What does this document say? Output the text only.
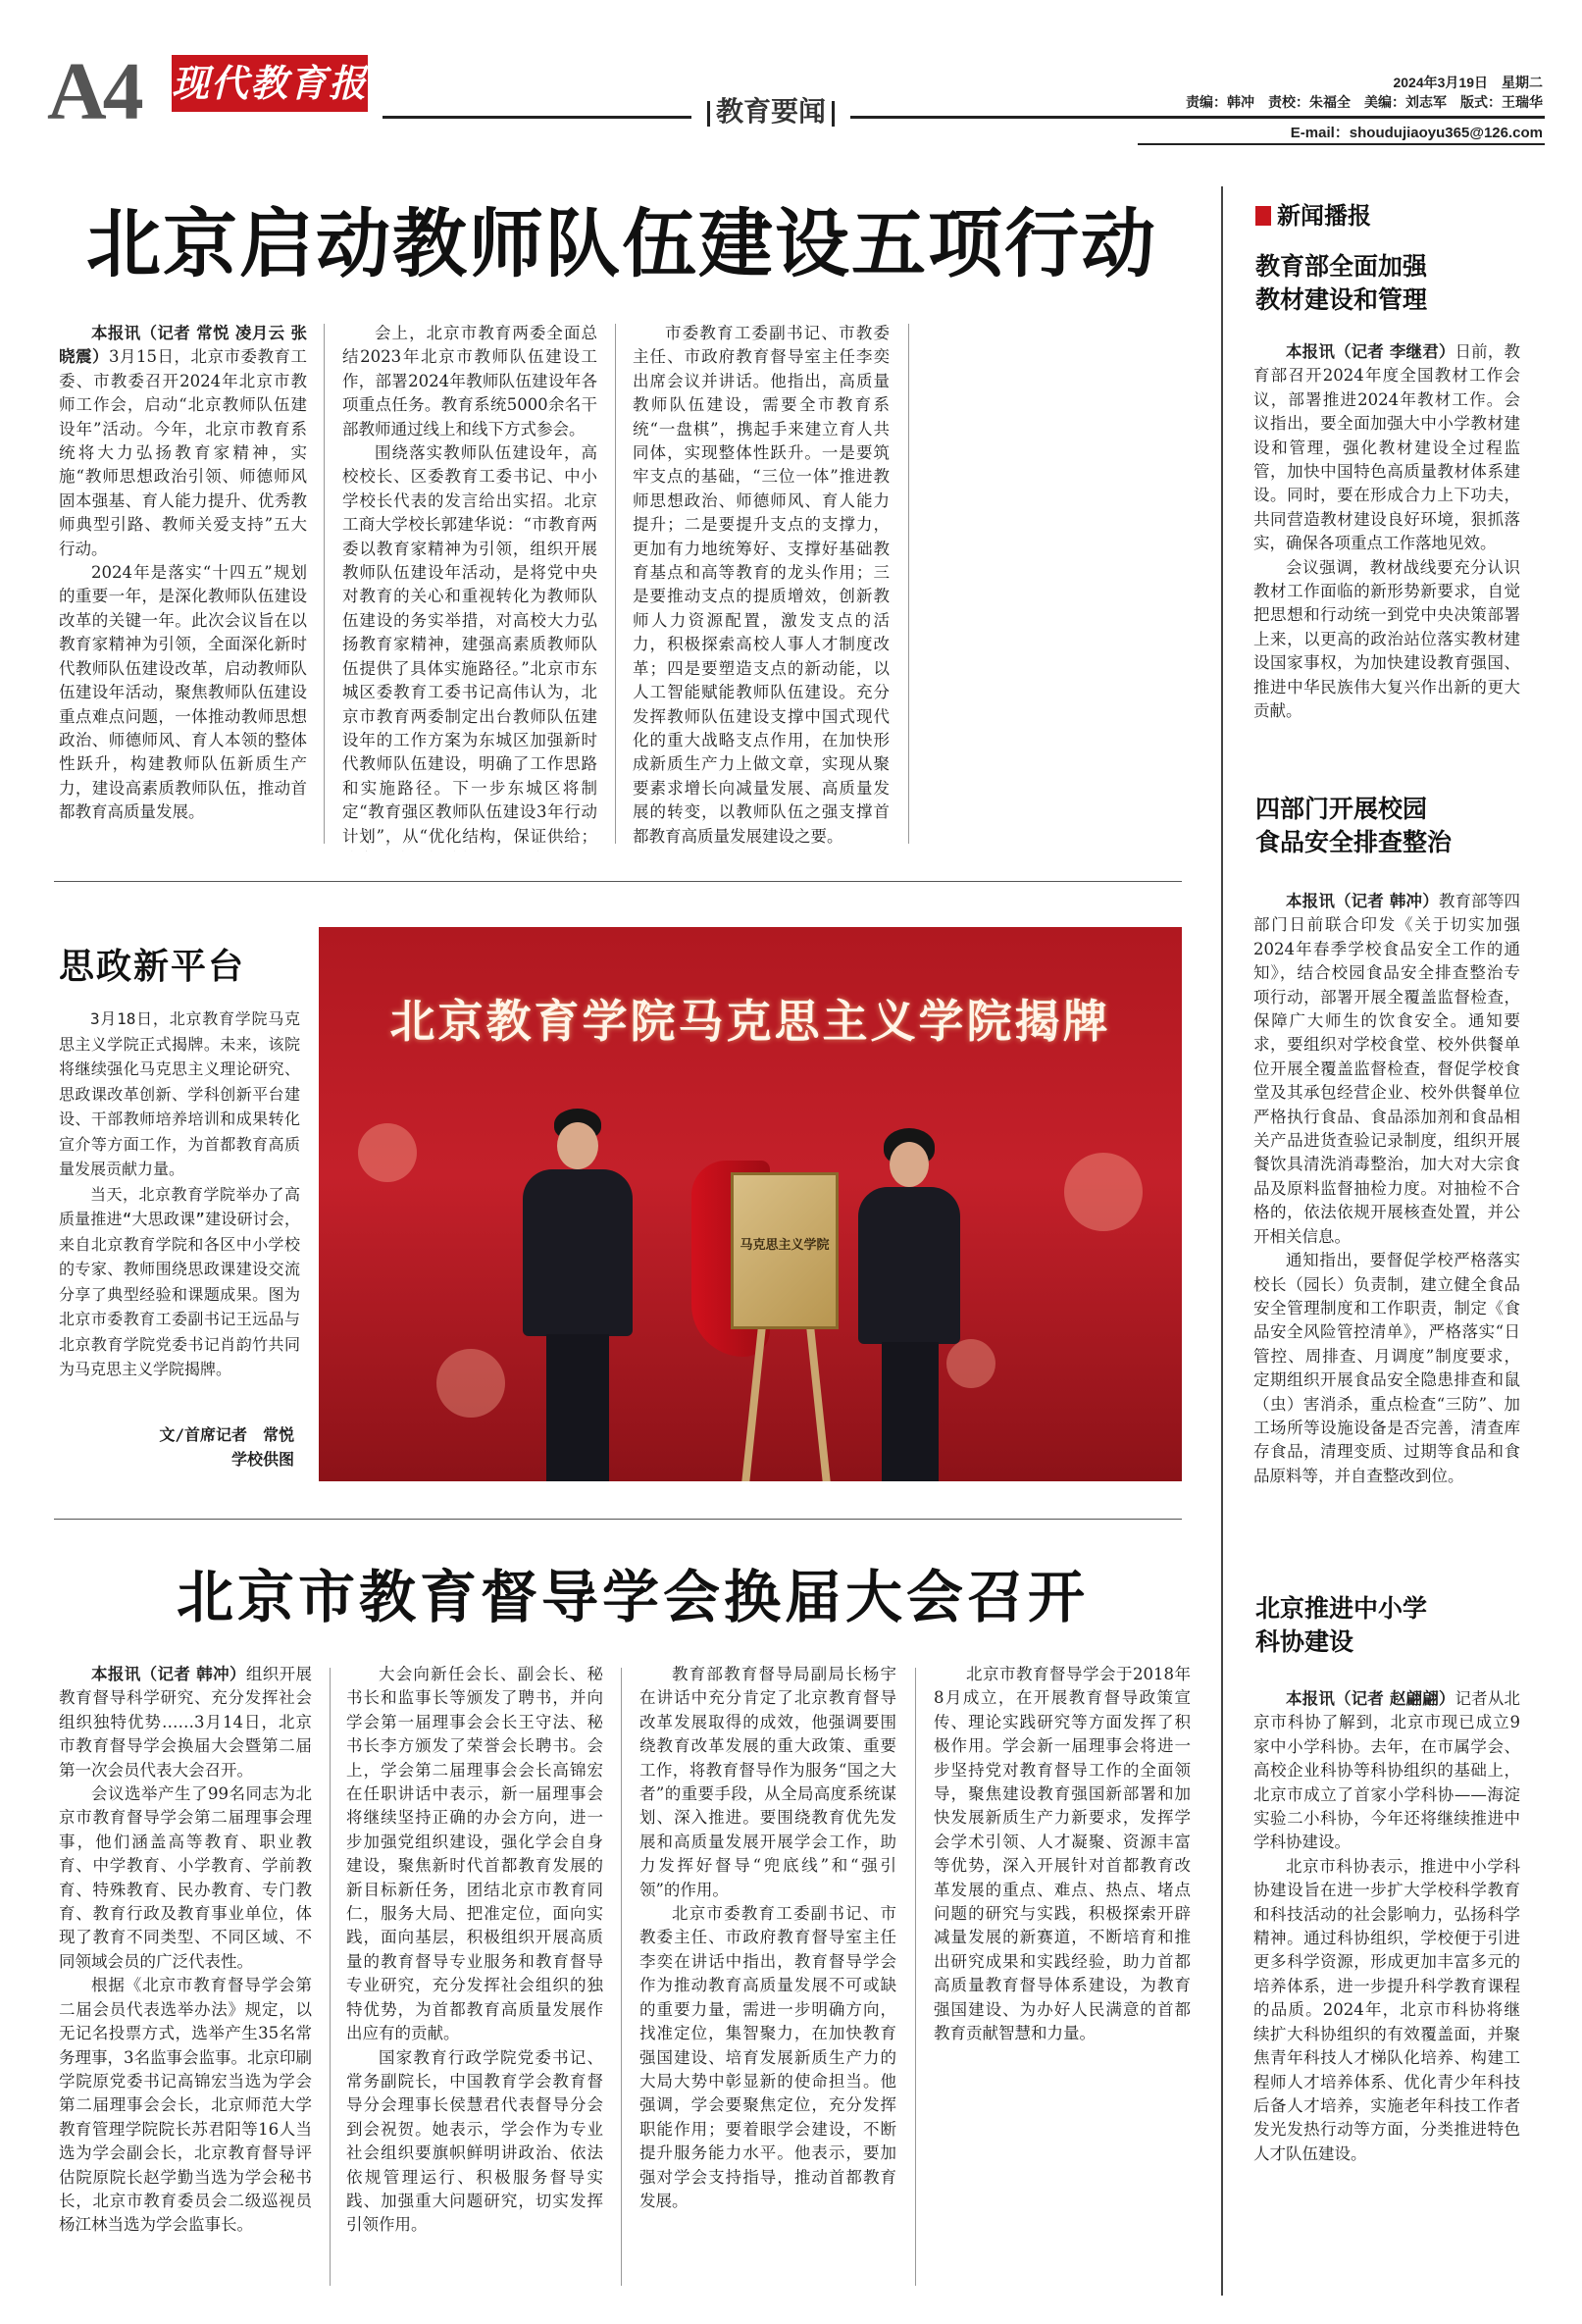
A4 现代教育报
教育要闻
2024年3月19日　星期二
责编：韩冲　责校：朱福全　美编：刘志军　版式：王瑞华
E-mail：shoudujiaoyu365@126.com
北京启动教师队伍建设五项行动

本报讯（记者 常悦 凌月云 张晓震）3月15日，北京市委教育工委、市教委召开2024年北京市教师工作会，启动“北京教师队伍建设年”活动。今年，北京市教育系统将大力弘扬教育家精神，实施“教师思想政治引领、师德师风固本强基、育人能力提升、优秀教师典型引路、教师关爱支持”五大行动。

2024年是落实“十四五”规划的重要一年，是深化教师队伍建设改革的关键一年。此次会议旨在以教育家精神为引领，全面深化新时代教师队伍建设改革，启动教师队伍建设年活动，聚焦教师队伍建设重点难点问题，一体推动教师思想政治、师德师风、育人本领的整体性跃升，构建教师队伍新质生产力，建设高素质教师队伍，推动首都教育高质量发展。

会上，北京市教育两委全面总结2023年北京市教师队伍建设工作，部署2024年教师队伍建设年各项重点任务。教育系统5000余名干部教师通过线上和线下方式参会。

围绕落实教师队伍建设年，高校校长、区委教育工委书记、中小学校长代表的发言给出实招。北京工商大学校长郭建华说：“市教育两委以教育家精神为引领，组织开展教师队伍建设年活动，是将党中央对教育的关心和重视转化为教师队伍建设的务实举措，对高校大力弘扬教育家精神，建强高素质教师队伍提供了具体实施路径。”北京市东城区委教育工委书记高伟认为，北京市教育两委制定出台教师队伍建设年的工作方案为东城区加强新时代教师队伍建设，明确了工作思路和实施路径。下一步东城区将制定“教育强区教师队伍建设3年行动计划”，从“优化结构，保证供给；

市委教育工委副书记、市教委主任、市政府教育督导室主任李奕出席会议并讲话。他指出，高质量教师队伍建设，需要全市教育系统“一盘棋”，携起手来建立育人共同体，实现整体性跃升。一是要筑牢支点的基础，“三位一体”推进教师思想政治、师德师风、育人能力提升；二是要提升支点的支撑力，更加有力地统筹好、支撑好基础教育基点和高等教育的龙头作用；三是要推动支点的提质增效，创新教师人力资源配置，激发支点的活力，积极探索高校人事人才制度改革；四是要塑造支点的新动能，以人工智能赋能教师队伍建设。充分发挥教师队伍建设支撑中国式现代化的重大战略支点作用，在加快形成新质生产力上做文章，实现从聚要素求增长向减量发展、高质量发展的转变，以教师队伍之强支撑首都教育高质量发展建设之要。

思政新平台

3月18日，北京教育学院马克思主义学院正式揭牌。未来，该院将继续强化马克思主义理论研究、思政课改革创新、学科创新平台建设、干部教师培养培训和成果转化宣介等方面工作，为首都教育高质量发展贡献力量。

当天，北京教育学院举办了高质量推进“大思政课”建设研讨会，来自北京教育学院和各区中小学校的专家、教师围绕思政课建设交流分享了典型经验和课题成果。图为北京市委教育工委副书记王远品与北京教育学院党委书记肖韵竹共同为马克思主义学院揭牌。

文/首席记者　常悦
学校供图
北京教育学院马克思主义学院揭牌
马克思主义学院
北京市教育督导学会换届大会召开

本报讯（记者 韩冲）组织开展教育督导科学研究、充分发挥社会组织独特优势……3月14日，北京市教育督导学会换届大会暨第二届第一次会员代表大会召开。

会议选举产生了99名同志为北京市教育督导学会第二届理事会理事，他们涵盖高等教育、职业教育、中学教育、小学教育、学前教育、特殊教育、民办教育、专门教育、教育行政及教育事业单位，体现了教育不同类型、不同区域、不同领域会员的广泛代表性。

根据《北京市教育督导学会第二届会员代表选举办法》规定，以无记名投票方式，选举产生35名常务理事，3名监事会监事。北京印刷学院原党委书记高锦宏当选为学会第二届理事会会长，北京师范大学教育管理学院院长苏君阳等16人当选为学会副会长，北京教育督导评估院原院长赵学勤当选为学会秘书长，北京市教育委员会二级巡视员杨江林当选为学会监事长。

大会向新任会长、副会长、秘书长和监事长等颁发了聘书，并向学会第一届理事会会长王守法、秘书长李方颁发了荣誉会长聘书。会上，学会第二届理事会会长高锦宏在任职讲话中表示，新一届理事会将继续坚持正确的办会方向，进一步加强党组织建设，强化学会自身建设，聚焦新时代首都教育发展的新目标新任务，团结北京市教育同仁，服务大局、把准定位，面向实践，面向基层，积极组织开展高质量的教育督导专业服务和教育督导专业研究，充分发挥社会组织的独特优势，为首都教育高质量发展作出应有的贡献。

国家教育行政学院党委书记、常务副院长，中国教育学会教育督导分会理事长侯慧君代表督导分会到会祝贺。她表示，学会作为专业社会组织要旗帜鲜明讲政治、依法依规管理运行、积极服务督导实践、加强重大问题研究，切实发挥引领作用。

教育部教育督导局副局长杨宇在讲话中充分肯定了北京教育督导改革发展取得的成效，他强调要围绕教育改革发展的重大政策、重要工作，将教育督导作为服务“国之大者”的重要手段，从全局高度系统谋划、深入推进。要围绕教育优先发展和高质量发展开展学会工作，助力发挥好督导“兜底线”和“强引领”的作用。

北京市委教育工委副书记、市教委主任、市政府教育督导室主任李奕在讲话中指出，教育督导学会作为推动教育高质量发展不可或缺的重要力量，需进一步明确方向，找准定位，集智聚力，在加快教育强国建设、培育发展新质生产力的大局大势中彰显新的使命担当。他强调，学会要聚焦定位，充分发挥职能作用；要着眼学会建设，不断提升服务能力水平。他表示，要加强对学会支持指导，推动首都教育发展。

北京市教育督导学会于2018年8月成立，在开展教育督导政策宣传、理论实践研究等方面发挥了积极作用。学会新一届理事会将进一步坚持党对教育督导工作的全面领导，聚焦建设教育强国新部署和加快发展新质生产力新要求，发挥学会学术引领、人才凝聚、资源丰富等优势，深入开展针对首都教育改革发展的重点、难点、热点、堵点问题的研究与实践，积极探索开辟减量发展的新赛道，不断培育和推出研究成果和实践经验，助力首都高质量教育督导体系建设，为教育强国建设、为办好人民满意的首都教育贡献智慧和力量。

新闻播报
教育部全面加强
教材建设和管理

本报讯（记者 李继君）日前，教育部召开2024年度全国教材工作会议，部署推进2024年教材工作。会议指出，要全面加强大中小学教材建设和管理，强化教材建设全过程监管，加快中国特色高质量教材体系建设。同时，要在形成合力上下功夫，共同营造教材建设良好环境，狠抓落实，确保各项重点工作落地见效。

会议强调，教材战线要充分认识教材工作面临的新形势新要求，自觉把思想和行动统一到党中央决策部署上来，以更高的政治站位落实教材建设国家事权，为加快建设教育强国、推进中华民族伟大复兴作出新的更大贡献。

四部门开展校园
食品安全排查整治

本报讯（记者 韩冲）教育部等四部门日前联合印发《关于切实加强2024年春季学校食品安全工作的通知》，结合校园食品安全排查整治专项行动，部署开展全覆盖监督检查，保障广大师生的饮食安全。通知要求，要组织对学校食堂、校外供餐单位开展全覆盖监督检查，督促学校食堂及其承包经营企业、校外供餐单位严格执行食品、食品添加剂和食品相关产品进货查验记录制度，组织开展餐饮具清洗消毒整治，加大对大宗食品及原料监督抽检力度。对抽检不合格的，依法依规开展核查处置，并公开相关信息。

通知指出，要督促学校严格落实校长（园长）负责制，建立健全食品安全管理制度和工作职责，制定《食品安全风险管控清单》，严格落实“日管控、周排查、月调度”制度要求，定期组织开展食品安全隐患排查和鼠（虫）害消杀，重点检查“三防”、加工场所等设施设备是否完善，清查库存食品，清理变质、过期等食品和食品原料等，并自查整改到位。

北京推进中小学
科协建设

本报讯（记者 赵翩翩）记者从北京市科协了解到，北京市现已成立9家中小学科协。去年，在市属学会、高校企业科协等科协组织的基础上，北京市成立了首家小学科协——海淀实验二小科协，今年还将继续推进中学科协建设。

北京市科协表示，推进中小学科协建设旨在进一步扩大学校科学教育和科技活动的社会影响力，弘扬科学精神。通过科协组织，学校便于引进更多科学资源，形成更加丰富多元的培养体系，进一步提升科学教育课程的品质。2024年，北京市科协将继续扩大科协组织的有效覆盖面，并聚焦青年科技人才梯队化培养、构建工程师人才培养体系、优化青少年科技后备人才培养，实施老年科技工作者发光发热行动等方面，分类推进特色人才队伍建设。
